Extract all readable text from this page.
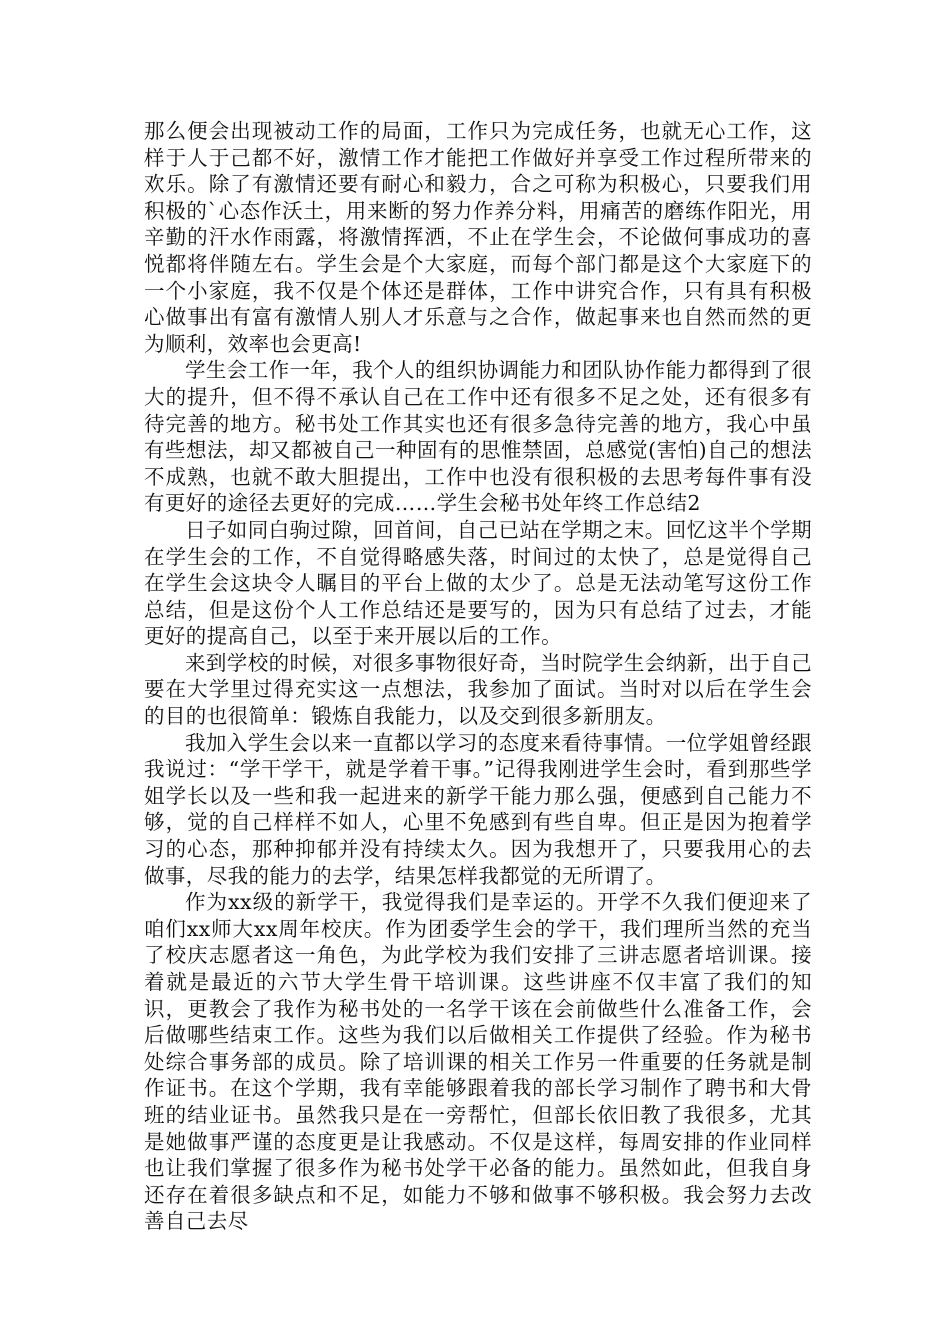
那么便会出现被动工作的局面，工作只为完成任务，也就无心工作，这样于人于己都不好，激情工作才能把工作做好并享受工作过程所带来的欢乐。除了有激情还要有耐心和毅力，合之可称为积极心，只要我们用积极的`心态作沃土，用来断的努力作养分料，用痛苦的磨练作阳光，用辛勤的汗水作雨露，将激情挥洒，不止在学生会，不论做何事成功的喜悦都将伴随左右。学生会是个大家庭，而每个部门都是这个大家庭下的一个小家庭，我不仅是个体还是群体，工作中讲究合作，只有具有积极心做事出有富有激情人别人才乐意与之合作，做起事来也自然而然的更为顺利，效率也会更高!

学生会工作一年，我个人的组织协调能力和团队协作能力都得到了很大的提升，但不得不承认自己在工作中还有很多不足之处，还有很多有待完善的地方。秘书处工作其实也还有很多急待完善的地方，我心中虽有些想法，却又都被自己一种固有的思惟禁固，总感觉(害怕)自己的想法不成熟，也就不敢大胆提出，工作中也没有很积极的去思考每件事有没有更好的途径去更好的完成……学生会秘书处年终工作总结2

日子如同白驹过隙，回首间，自己已站在学期之末。回忆这半个学期在学生会的工作，不自觉得略感失落，时间过的太快了，总是觉得自己在学生会这块令人瞩目的平台上做的太少了。总是无法动笔写这份工作总结，但是这份个人工作总结还是要写的，因为只有总结了过去，才能更好的提高自己，以至于来开展以后的工作。

来到学校的时候，对很多事物很好奇，当时院学生会纳新，出于自己要在大学里过得充实这一点想法，我参加了面试。当时对以后在学生会的目的也很简单：锻炼自我能力，以及交到很多新朋友。

我加入学生会以来一直都以学习的态度来看待事情。一位学姐曾经跟我说过：“学干学干，就是学着干事。”记得我刚进学生会时，看到那些学姐学长以及一些和我一起进来的新学干能力那么强，便感到自己能力不够，觉的自己样样不如人，心里不免感到有些自卑。但正是因为抱着学习的心态，那种抑郁并没有持续太久。因为我想开了，只要我用心的去做事，尽我的能力的去学，结果怎样我都觉的无所谓了。

作为xx级的新学干，我觉得我们是幸运的。开学不久我们便迎来了咱们xx师大xx周年校庆。作为团委学生会的学干，我们理所当然的充当了校庆志愿者这一角色，为此学校为我们安排了三讲志愿者培训课。接着就是最近的六节大学生骨干培训课。这些讲座不仅丰富了我们的知识，更教会了我作为秘书处的一名学干该在会前做些什么准备工作，会后做哪些结束工作。这些为我们以后做相关工作提供了经验。作为秘书处综合事务部的成员。除了培训课的相关工作另一件重要的任务就是制作证书。在这个学期，我有幸能够跟着我的部长学习制作了聘书和大骨班的结业证书。虽然我只是在一旁帮忙，但部长依旧教了我很多，尤其是她做事严谨的态度更是让我感动。不仅是这样，每周安排的作业同样也让我们掌握了很多作为秘书处学干必备的能力。虽然如此，但我自身还存在着很多缺点和不足，如能力不够和做事不够积极。我会努力去改善自己去尽
